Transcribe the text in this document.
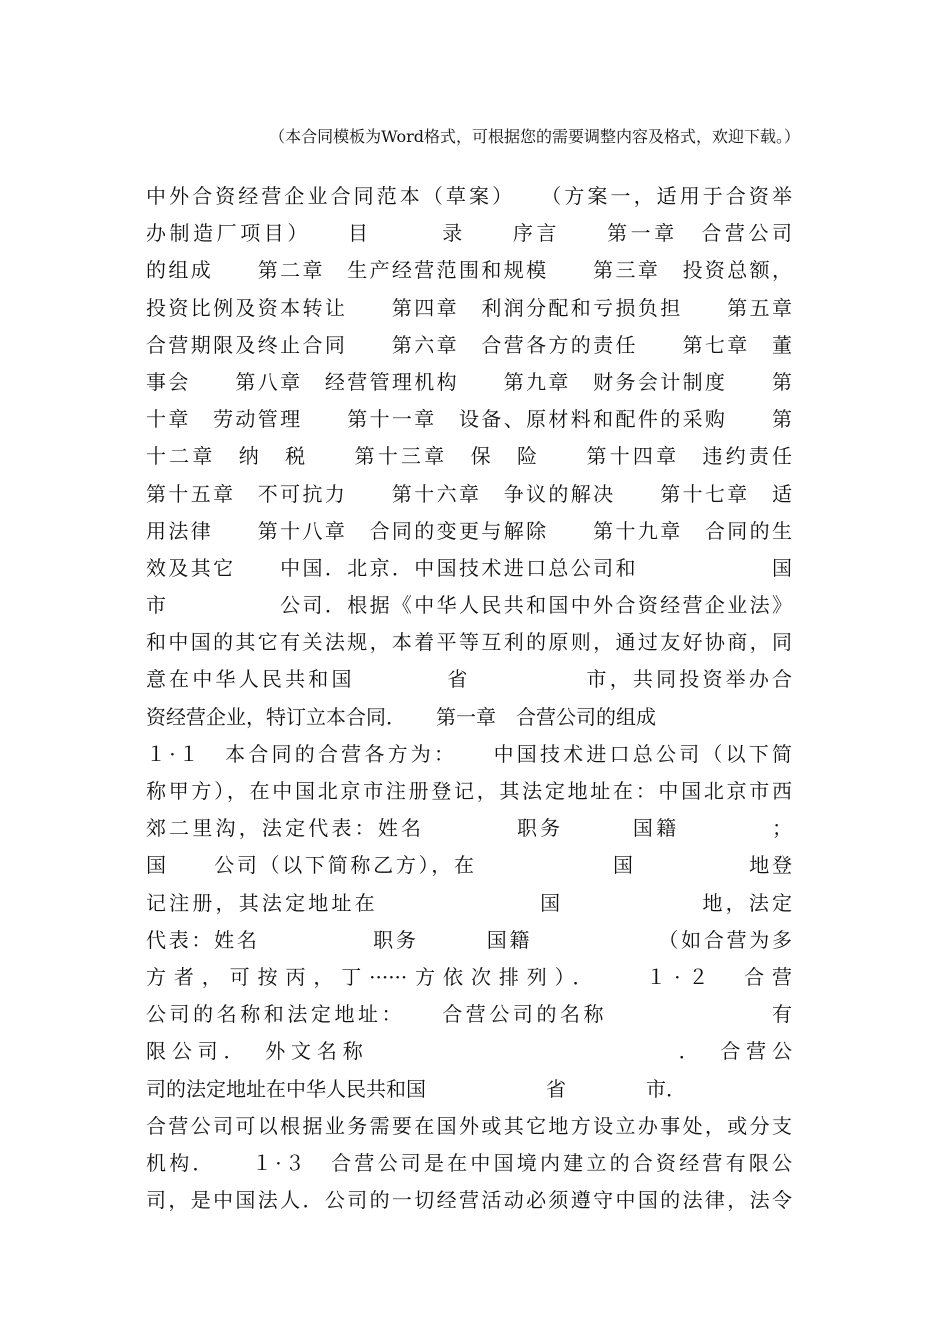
（本合同模板为Word格式，可根据您的需要调整内容及格式，欢迎下载。）
中外合资经营企业合同范本（草案）　　（方案一，适用于合资举
办制造厂项目）　　目　　　录　　序言　　第一章　合营公司
的组成　　第二章　生产经营范围和规模　　第三章　投资总额，
投资比例及资本转让　　第四章　利润分配和亏损负担　　第五章
合营期限及终止合同　　第六章　合营各方的责任　　第七章　董
事会　　第八章　经营管理机构　　第九章　财务会计制度　　第
十章　劳动管理　　第十一章　设备、原材料和配件的采购　　第
十二章　纳　税　　第十三章　保　险　　第十四章　违约责任
第十五章　不可抗力　　第十六章　争议的解决　　第十七章　适
用法律　　第十八章　合同的变更与解除　　第十九章　合同的生
效及其它　　中国．北京．中国技术进口总公司和　　　　　　国
市　　　　　公司．根据《中华人民共和国中外合资经营企业法》
和中国的其它有关法规，本着平等互利的原则，通过友好协商，同
意在中华人民共和国　　　　省　　　　　市，共同投资举办合
资经营企业，特订立本合同．　　第一章　合营公司的组成
１·１　本合同的合营各方为：　　中国技术进口总公司（以下简
称甲方），在中国北京市注册登记，其法定地址在：中国北京市西
郊二里沟，法定代表：姓名　　　　职务　　　国籍　　　　；
国　　公司（以下简称乙方），在　　　　　　国　　　　　地登
记注册，其法定地址在　　　　　　　国　　　　　　地，法定
代表：姓名　　　　　职务　　　国籍　　　　　　（如合营为多
方者，可按丙，丁······方依次排列）．　　１·２　合营
公司的名称和法定地址：　　合营公司的名称　　　　　　　有
限公司．　外文名称　　　　　　　　　　　　．　合营公
司的法定地址在中华人民共和国　　　　　　省　　　　市．
合营公司可以根据业务需要在国外或其它地方设立办事处，或分支
机构．　　１·３　合营公司是在中国境内建立的合资经营有限公
司，是中国法人．公司的一切经营活动必须遵守中国的法律，法令
